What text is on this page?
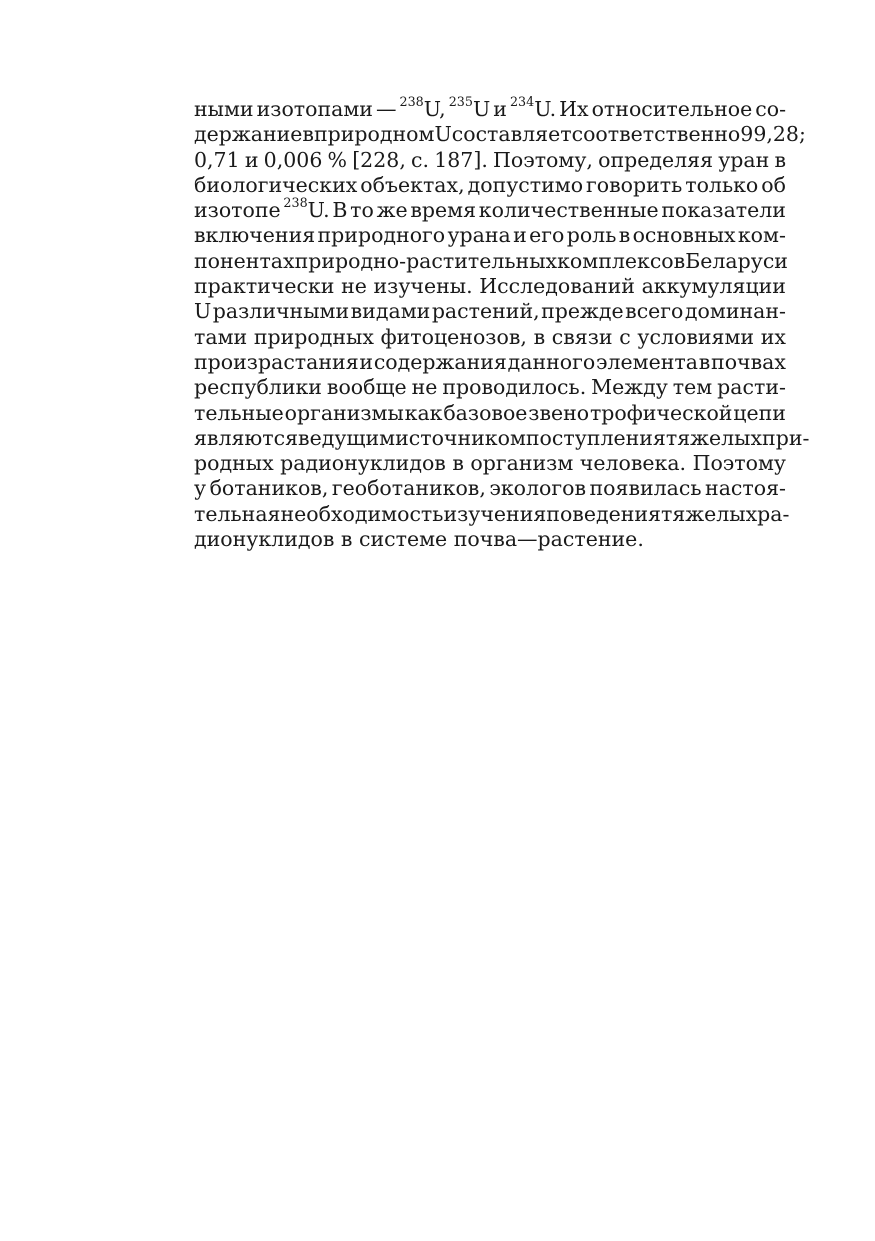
ными изотопами — $^{238}$U, $^{235}$U и $^{234}$U. Их относительное со-
держание в природном U составляет соответственно 99,28;
0,71 и 0,006 % [228, с. 187]. Поэтому, определяя уран в
биологических объектах, допустимо говорить только об
изотопе $^{238}$U. В то же время количественные показатели
включения природного урана и его роль в основных ком-
понентах природно-растительных комплексов Беларуси
практически не изучены. Исследований аккумуляции
U различными видами растений, прежде всего доминан-
тами природных фитоценозов, в связи с условиями их
произрастания и содержания данного элемента в почвах
республики вообще не проводилось. Между тем расти-
тельные организмы как базовое звено трофической цепи
являются ведущим источником поступления тяжелых при-
родных радионуклидов в организм человека. Поэтому
у ботаников, геоботаников, экологов появилась настоя-
тельная необходимость изучения поведения тяжелых ра-
дионуклидов в системе почва—растение.
